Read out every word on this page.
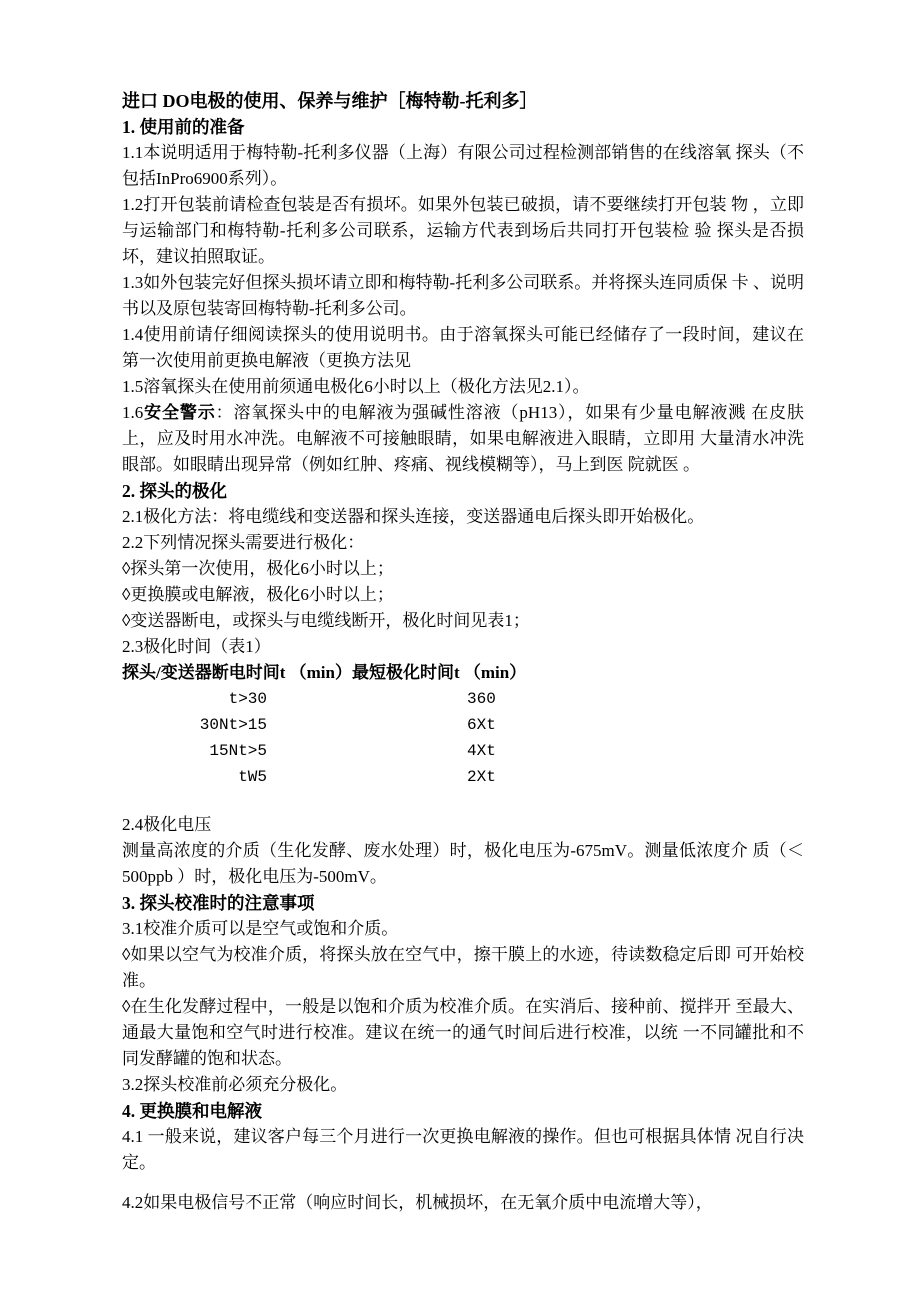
进口 DO电极的使用、保养与维护［梅特勒-托利多］
1. 使用前的准备

1.1本说明适用于梅特勒-托利多仪器（上海）有限公司过程检测部销售的在线溶氧 探头（不包括InPro6900系列）。

1.2打开包装前请检查包装是否有损坏。如果外包装已破损，请不要继续打开包装 物 ，立即与运输部门和梅特勒-托利多公司联系，运输方代表到场后共同打开包装检 验 探头是否损坏，建议拍照取证。

1.3如外包装完好但探头损坏请立即和梅特勒-托利多公司联系。并将探头连同质保 卡 、说明书以及原包装寄回梅特勒-托利多公司。

1.4使用前请仔细阅读探头的使用说明书。由于溶氧探头可能已经储存了一段时间，建议在第一次使用前更换电解液（更换方法见

1.5溶氧探头在使用前须通电极化6小时以上（极化方法见2.1）。

1.6安全警示：溶氧探头中的电解液为强碱性溶液（pH13），如果有少量电解液溅 在皮肤上，应及时用水冲洗。电解液不可接触眼睛，如果电解液进入眼睛，立即用 大量清水冲洗眼部。如眼睛出现异常（例如红肿、疼痛、视线模糊等），马上到医 院就医 。

2. 探头的极化

2.1极化方法：将电缆线和变送器和探头连接，变送器通电后探头即开始极化。

2.2下列情况探头需要进行极化：

◊探头第一次使用，极化6小时以上；

◊更换膜或电解液，极化6小时以上；

◊变送器断电，或探头与电缆线断开，极化时间见表1；

2.3极化时间（表1）

探头/变送器断电时间t （min）最短极化时间t （min）

t>30	360
30Nt>15	6Xt
15Nt>5	4Xt
tW5	2Xt

2.4极化电压

测量高浓度的介质（生化发酵、废水处理）时，极化电压为-675mV。测量低浓度介 质（＜500ppb ）时，极化电压为-500mV。

3. 探头校准时的注意事项

3.1校准介质可以是空气或饱和介质。

◊如果以空气为校准介质，将探头放在空气中，擦干膜上的水迹，待读数稳定后即 可开始校准。

◊在生化发酵过程中，一般是以饱和介质为校准介质。在实消后、接种前、搅拌开 至最大、通最大量饱和空气时进行校准。建议在统一的通气时间后进行校准，以统 一不同罐批和不同发酵罐的饱和状态。

3.2探头校准前必须充分极化。

4. 更换膜和电解液

4.1 一般来说，建议客户每三个月进行一次更换电解液的操作。但也可根据具体情 况自行决定。

4.2如果电极信号不正常（响应时间长，机械损坏，在无氧介质中电流增大等），
